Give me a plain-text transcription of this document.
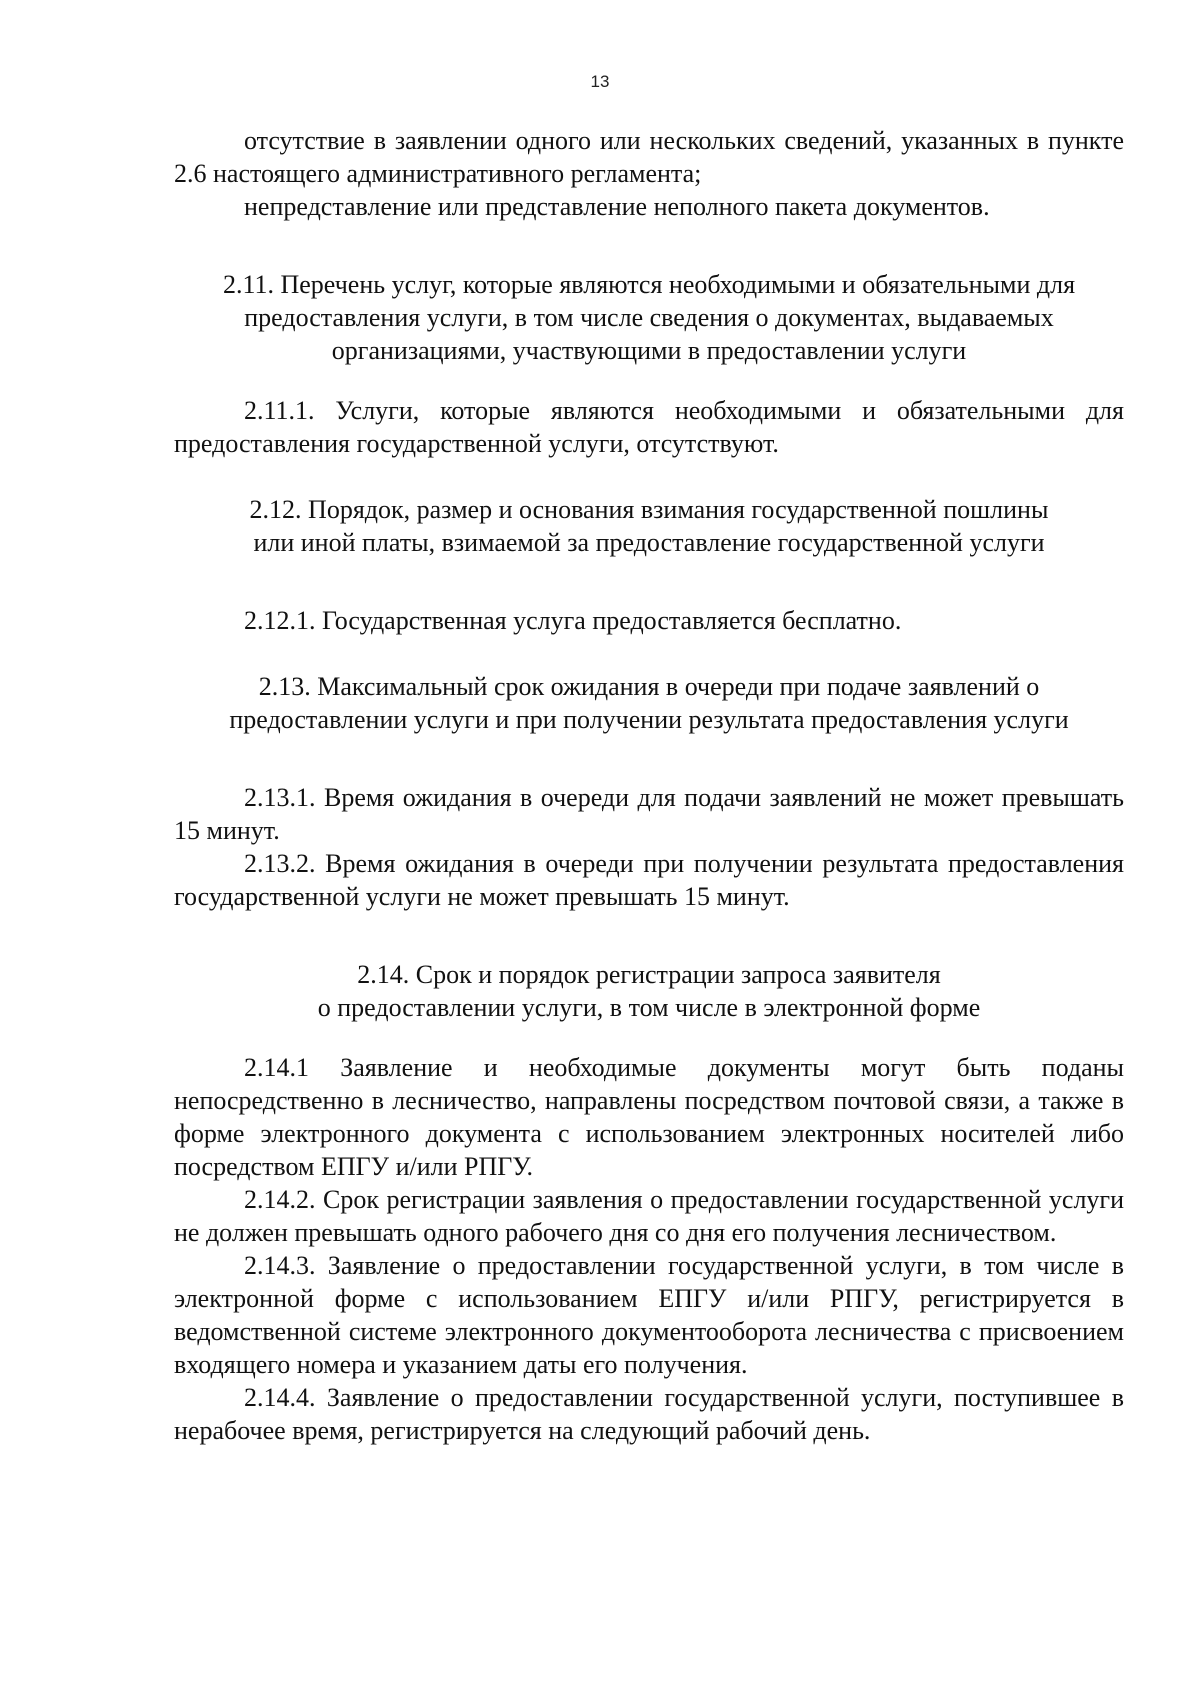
13

отсутствие в заявлении одного или нескольких сведений, указанных в пункте 2.6 настоящего административного регламента;

непредставление или представление неполного пакета документов.

2.11. Перечень услуг, которые являются необходимыми и обязательными для
предоставления услуги, в том числе сведения о документах, выдаваемых
организациями, участвующими в предоставлении услуги

2.11.1. Услуги, которые являются необходимыми и обязательными для предоставления государственной услуги, отсутствуют.

2.12. Порядок, размер и основания взимания государственной пошлины
или иной платы, взимаемой за предоставление государственной услуги

2.12.1. Государственная услуга предоставляется бесплатно.

2.13. Максимальный срок ожидания в очереди при подаче заявлений о
предоставлении услуги и при получении результата предоставления услуги

2.13.1. Время ожидания в очереди для подачи заявлений не может превышать 15 минут.

2.13.2. Время ожидания в очереди при получении результата предоставления государственной услуги не может превышать 15 минут.

2.14. Срок и порядок регистрации запроса заявителя
о предоставлении услуги, в том числе в электронной форме

2.14.1 Заявление и необходимые документы могут быть поданы непосредственно в лесничество, направлены посредством почтовой связи, а также в форме электронного документа с использованием электронных носителей либо посредством ЕПГУ и/или РПГУ.

2.14.2. Срок регистрации заявления о предоставлении государственной услуги не должен превышать одного рабочего дня со дня его получения лесничеством.

2.14.3. Заявление о предоставлении государственной услуги, в том числе в электронной форме с использованием ЕПГУ и/или РПГУ, регистрируется в ведомственной системе электронного документооборота лесничества с присвоением входящего номера и указанием даты его получения.

2.14.4. Заявление о предоставлении государственной услуги, поступившее в нерабочее время, регистрируется на следующий рабочий день.
